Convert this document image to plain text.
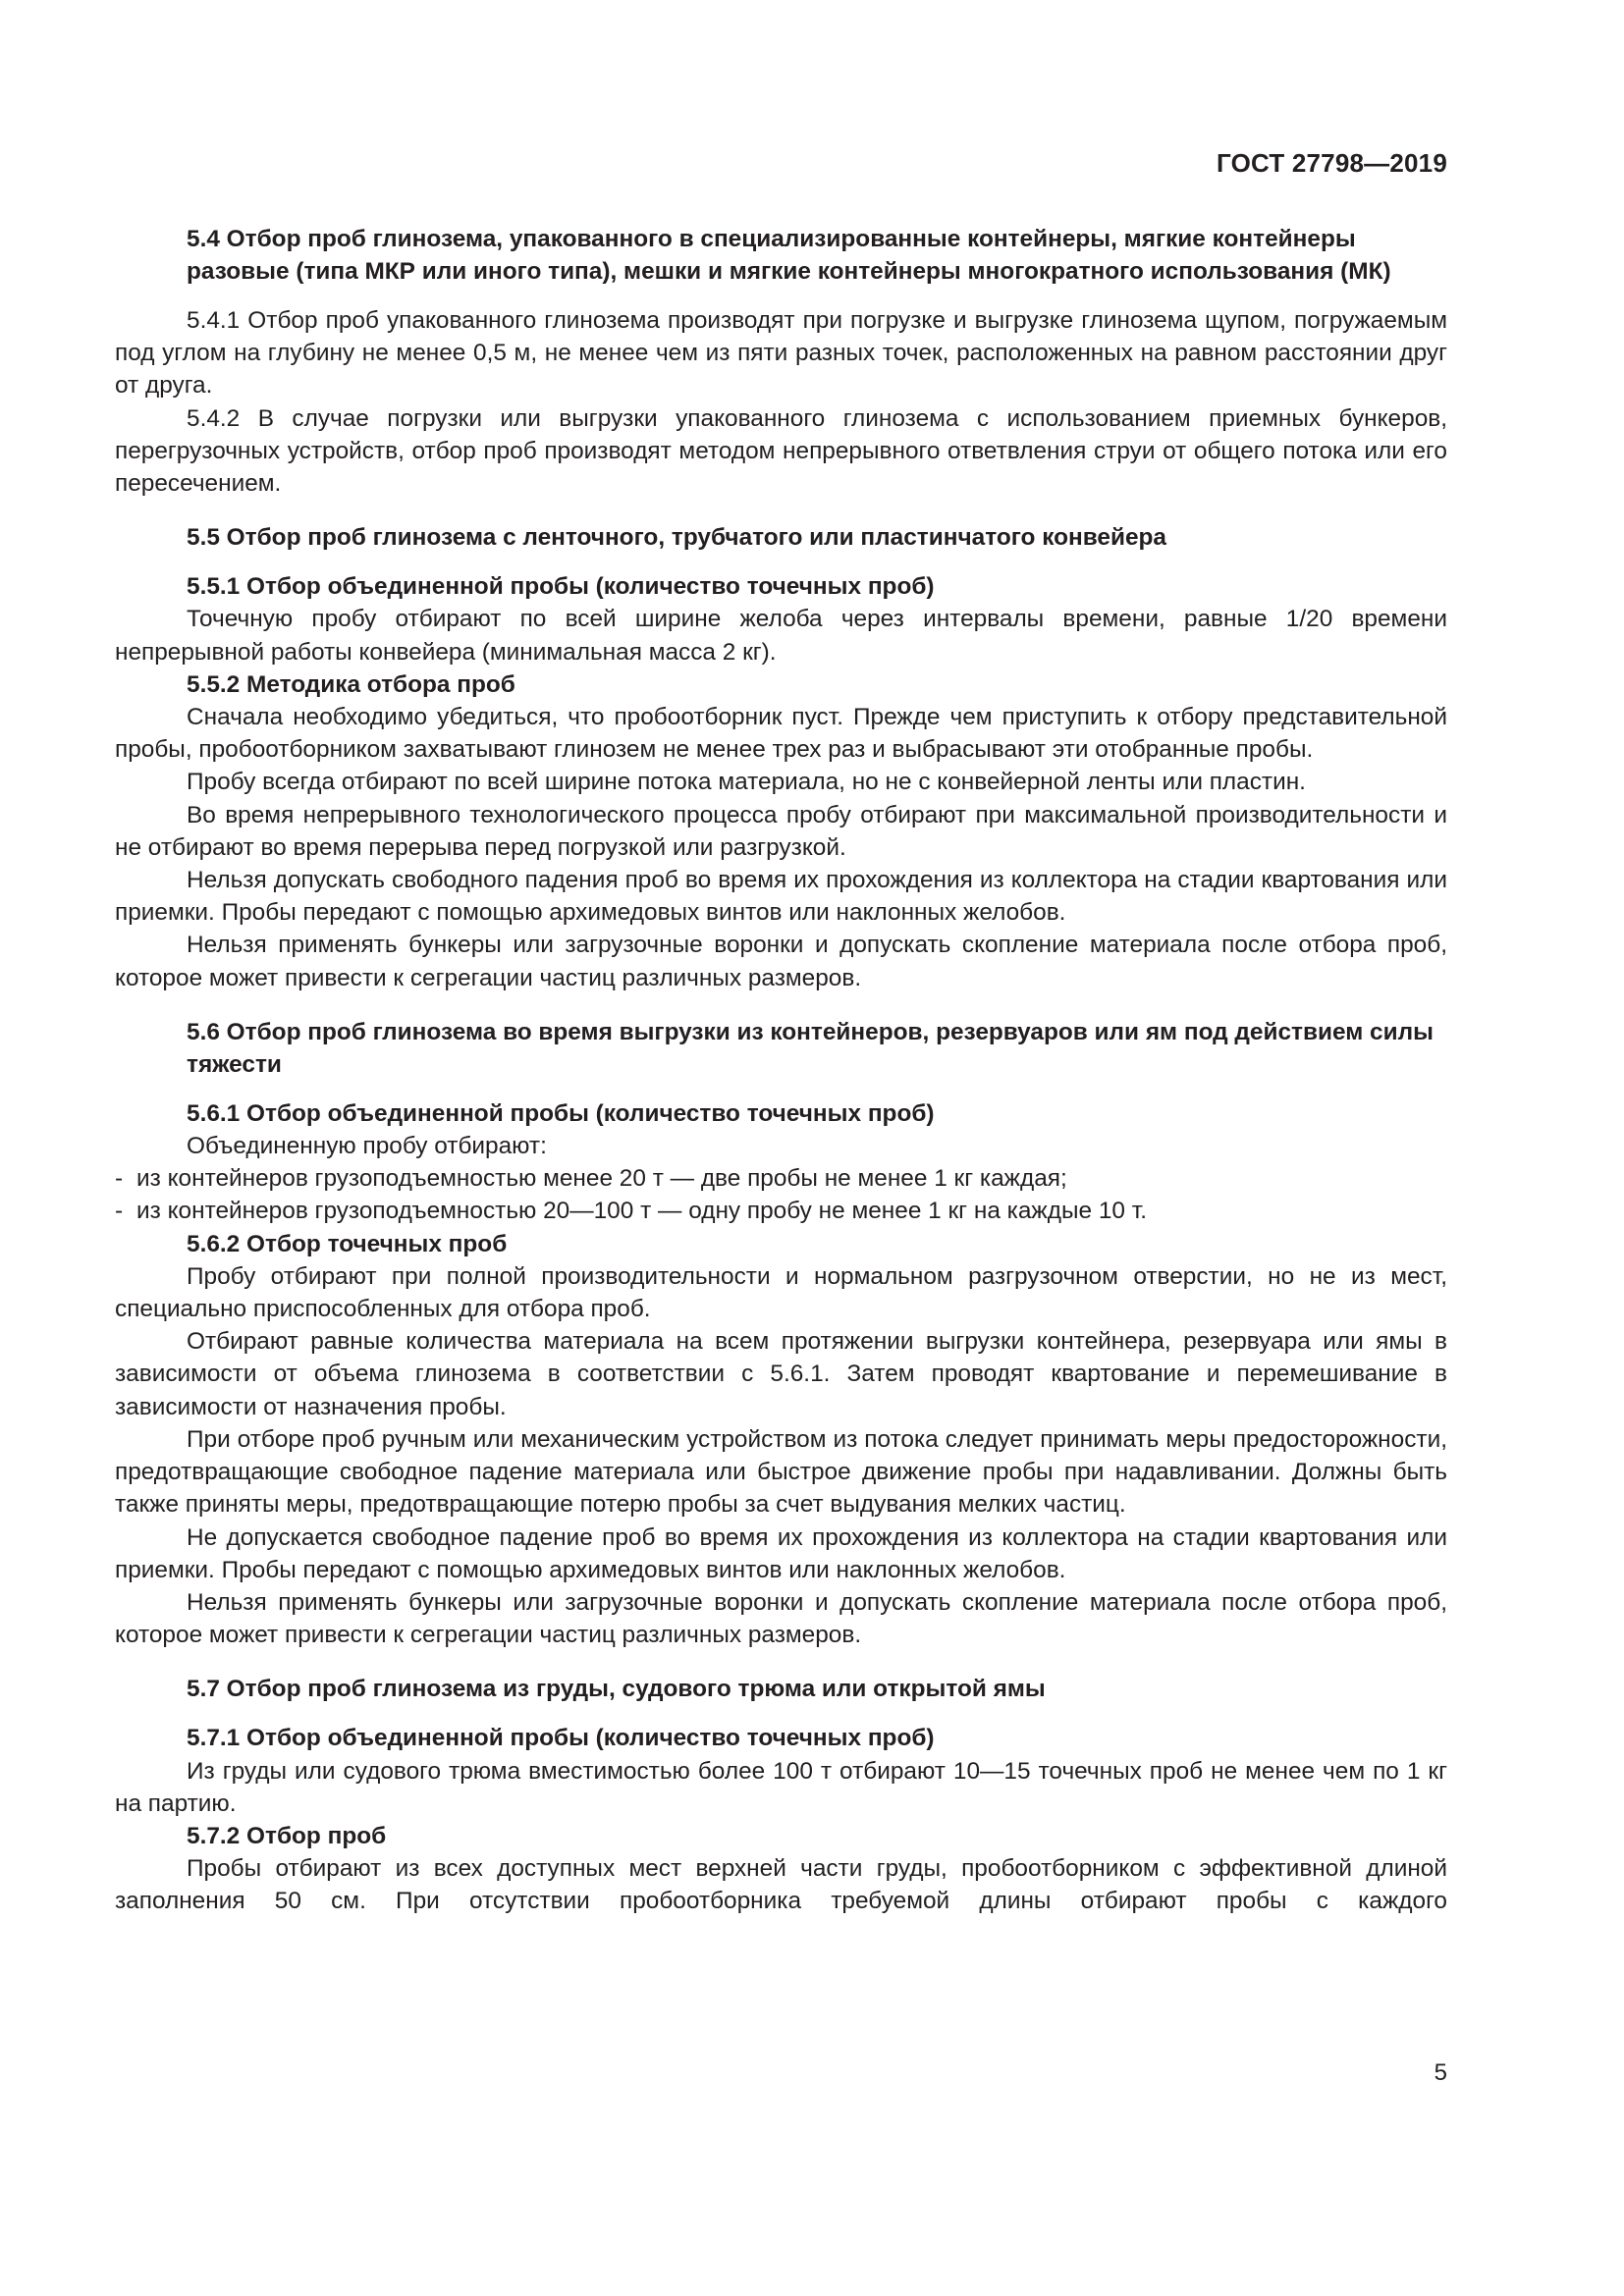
ГОСТ 27798—2019
5.4 Отбор проб глинозема, упакованного в специализированные контейнеры, мягкие контейнеры разовые (типа МКР или иного типа), мешки и мягкие контейнеры многократного использования (МК)

5.4.1 Отбор проб упакованного глинозема производят при погрузке и выгрузке глинозема щупом, погружаемым под углом на глубину не менее 0,5 м, не менее чем из пяти разных точек, расположенных на равном расстоянии друг от друга.

5.4.2 В случае погрузки или выгрузки упакованного глинозема с использованием приемных бункеров, перегрузочных устройств, отбор проб производят методом непрерывного ответвления струи от общего потока или его пересечением.

5.5 Отбор проб глинозема с ленточного, трубчатого или пластинчатого конвейера
5.5.1 Отбор объединенной пробы (количество точечных проб)

Точечную пробу отбирают по всей ширине желоба через интервалы времени, равные 1/20 времени непрерывной работы конвейера (минимальная масса 2 кг).

5.5.2 Методика отбора проб

Сначала необходимо убедиться, что пробоотборник пуст. Прежде чем приступить к отбору представительной пробы, пробоотборником захватывают глинозем не менее трех раз и выбрасывают эти отобранные пробы.

Пробу всегда отбирают по всей ширине потока материала, но не с конвейерной ленты или пластин.

Во время непрерывного технологического процесса пробу отбирают при максимальной производительности и не отбирают во время перерыва перед погрузкой или разгрузкой.

Нельзя допускать свободного падения проб во время их прохождения из коллектора на стадии квартования или приемки. Пробы передают с помощью архимедовых винтов или наклонных желобов.

Нельзя применять бункеры или загрузочные воронки и допускать скопление материала после отбора проб, которое может привести к сегрегации частиц различных размеров.

5.6 Отбор проб глинозема во время выгрузки из контейнеров, резервуаров или ям под действием силы тяжести
5.6.1 Отбор объединенной пробы (количество точечных проб)

Объединенную пробу отбирают:

- из контейнеров грузоподъемностью менее 20 т — две пробы не менее 1 кг каждая;
- из контейнеров грузоподъемностью 20—100 т — одну пробу не менее 1 кг на каждые 10 т.
5.6.2 Отбор точечных проб

Пробу отбирают при полной производительности и нормальном разгрузочном отверстии, но не из мест, специально приспособленных для отбора проб.

Отбирают равные количества материала на всем протяжении выгрузки контейнера, резервуара или ямы в зависимости от объема глинозема в соответствии с 5.6.1. Затем проводят квартование и перемешивание в зависимости от назначения пробы.

При отборе проб ручным или механическим устройством из потока следует принимать меры предосторожности, предотвращающие свободное падение материала или быстрое движение пробы при надавливании. Должны быть также приняты меры, предотвращающие потерю пробы за счет выдувания мелких частиц.

Не допускается свободное падение проб во время их прохождения из коллектора на стадии квартования или приемки. Пробы передают с помощью архимедовых винтов или наклонных желобов.

Нельзя применять бункеры или загрузочные воронки и допускать скопление материала после отбора проб, которое может привести к сегрегации частиц различных размеров.

5.7 Отбор проб глинозема из груды, судового трюма или открытой ямы
5.7.1 Отбор объединенной пробы (количество точечных проб)

Из груды или судового трюма вместимостью более 100 т отбирают 10—15 точечных проб не менее чем по 1 кг на партию.

5.7.2 Отбор проб

Пробы отбирают из всех доступных мест верхней части груды, пробоотборником с эффективной длиной заполнения 50 см. При отсутствии пробоотборника требуемой длины отбирают пробы с каждого

5
